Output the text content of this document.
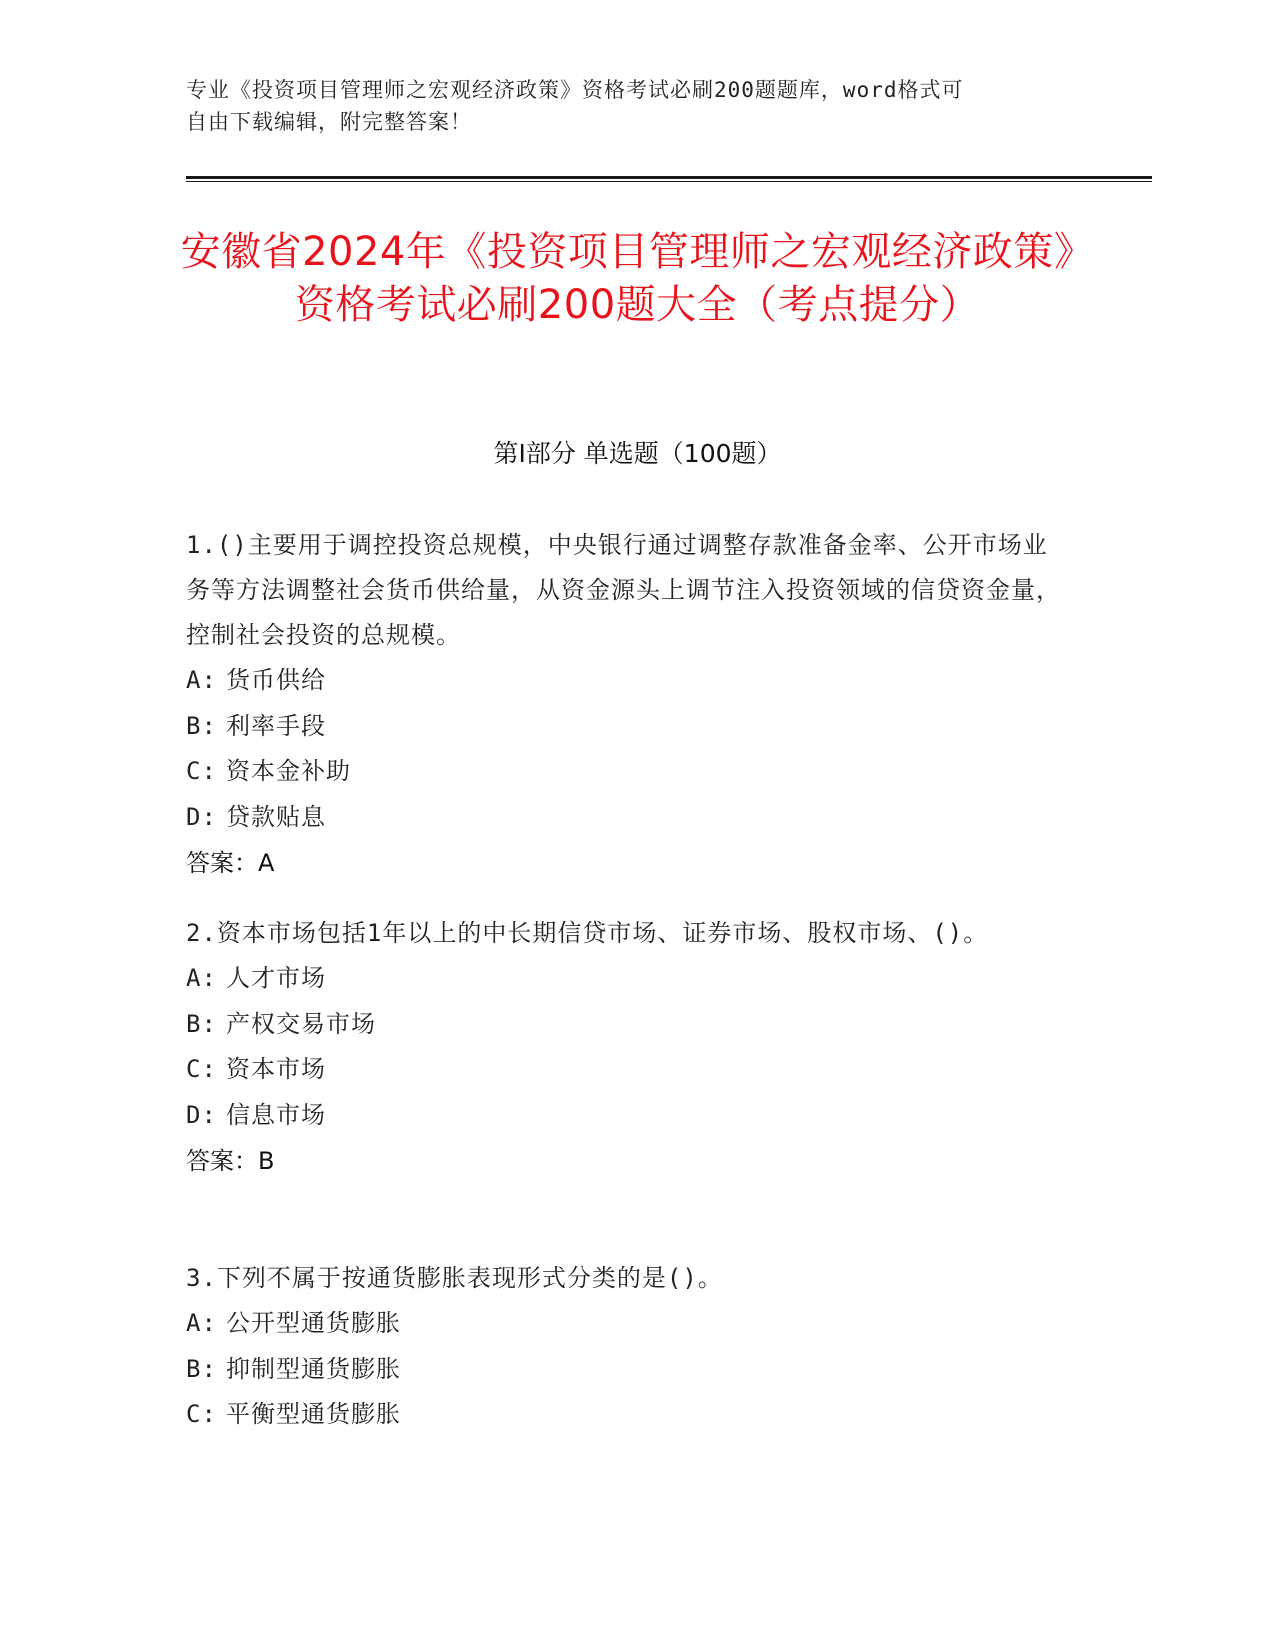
专业《投资项目管理师之宏观经济政策》资格考试必刷200题题库，word格式可
自由下载编辑，附完整答案！
安徽省2024年《投资项目管理师之宏观经济政策》资格考试必刷200题大全（考点提分）
第I部分 单选题（100题）
1.()主要用于调控投资总规模，中央银行通过调整存款准备金率、公开市场业务等方法调整社会货币供给量，从资金源头上调节注入投资领域的信贷资金量，控制社会投资的总规模。
A: 货币供给
B: 利率手段
C: 资本金补助
D: 贷款贴息
答案：A
2.资本市场包括1年以上的中长期信贷市场、证券市场、股权市场、()。
A: 人才市场
B: 产权交易市场
C: 资本市场
D: 信息市场
答案：B
3.下列不属于按通货膨胀表现形式分类的是()。
A: 公开型通货膨胀
B: 抑制型通货膨胀
C: 平衡型通货膨胀
